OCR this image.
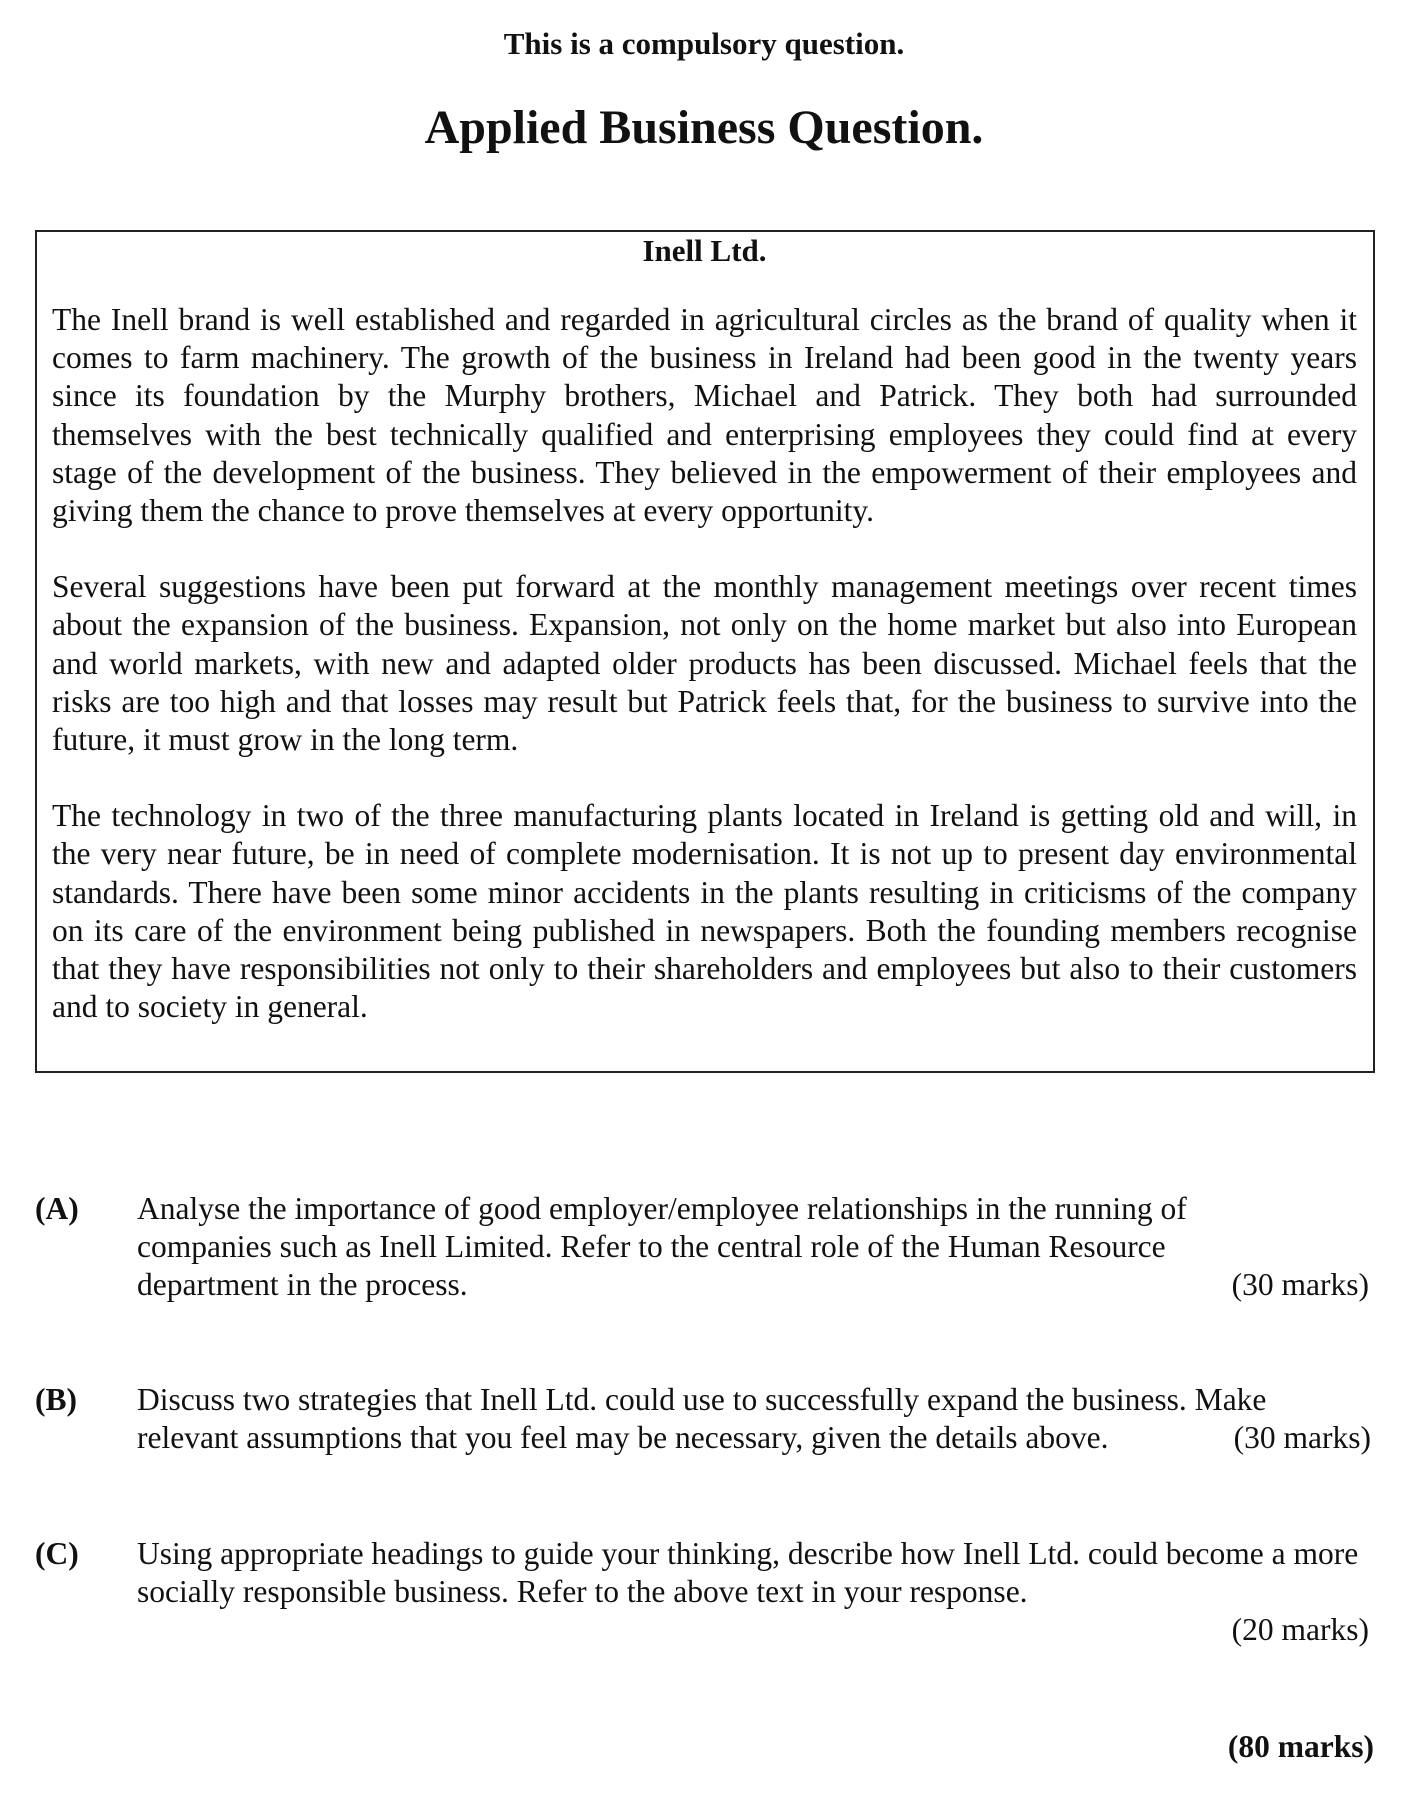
This is a compulsory question.
Applied Business Question.
Inell Ltd.

The Inell brand is well established and regarded in agricultural circles as the brand of quality when it comes to farm machinery. The growth of the business in Ireland had been good in the twenty years since its foundation by the Murphy brothers, Michael and Patrick. They both had surrounded themselves with the best technically qualified and enterprising employees they could find at every stage of the development of the business. They believed in the empowerment of their employees and giving them the chance to prove themselves at every opportunity.

Several suggestions have been put forward at the monthly management meetings over recent times about the expansion of the business. Expansion, not only on the home market but also into European and world markets, with new and adapted older products has been discussed. Michael feels that the risks are too high and that losses may result but Patrick feels that, for the business to survive into the future, it must grow in the long term.

The technology in two of the three manufacturing plants located in Ireland is getting old and will, in the very near future, be in need of complete modernisation. It is not up to present day environmental standards. There have been some minor accidents in the plants resulting in criticisms of the company on its care of the environment being published in newspapers. Both the founding members recognise that they have responsibilities not only to their shareholders and employees but also to their customers and to society in general.

(A) Analyse the importance of good employer/employee relationships in the running of companies such as Inell Limited. Refer to the central role of the Human Resource department in the process.	(30 marks)
(B) Discuss two strategies that Inell Ltd. could use to successfully expand the business. Make relevant assumptions that you feel may be necessary, given the details above.	(30 marks)
(C) Using appropriate headings to guide your thinking, describe how Inell Ltd. could become a more socially responsible business. Refer to the above text in your response.
(20 marks)
(80 marks)
